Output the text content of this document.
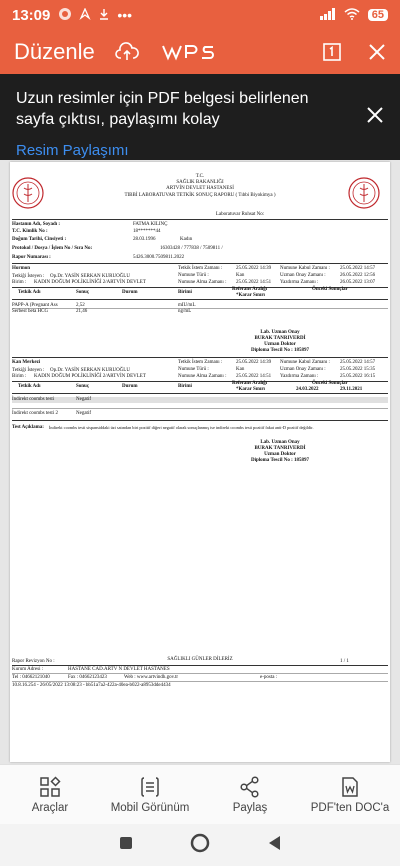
13:09	•••	65
Düzenle
Uzun resimler için PDF belgesi belirlenen sayfa çıktısı, paylaşımı kolay
Resim Paylaşımı
T.C.
SAĞLIK BAKANLIĞI
ARTVİN DEVLET HASTANESİ
TIBBİ LABORATUVAR TETKİK SONUÇ RAPORU ( Tıbbi Biyokimya )
Laboratuvar Ruhsat No:
Hastanın Adı, Soyadı :	FATMA KILINÇ
T.C. Kimlik No :	18*******44
Doğum Tarihi, Cinsiyeti :	28.03.1996	Kadın
Protokol / Dosya / İşlem No / Sıra No:	16303428 / 777838 / 7509811 /
Rapor Numarası :	5426.3000.7509811.2022
Hormon
Tetkiği İsteyen : Op.Dr. YASİN SERKAN KURUOĞLU
Birim : KADIN DOĞUM POLİKLİNİĞİ 2/ARTVİN DEVLET
Tetkik İstem Zamanı :	25.05.2022 14:39
Numune Türü :	Kan
Numune Alma Zamanı : 25.05.2022 14:51
Numune Kabul Zamanı : 25.05.2022 14:57
Uzman Onay Zamanı :	26.05.2022 12:56
Yazdırma Zamanı :	26.05.2022 13:07
Tetkik Adı	Sonuç	Durum	Birimi
Referans Aralığı
*Karar Sınırı
Önceki Sonuçlar
PAPP-A (Pregnant Ass	2,52	mIU/mL
Serbest beta HCG	21,46	ng/mL
Lab. Uzman Onay
BURAK TANRIVERDİ
Uzman Doktor
Diploma Tescil No : 185897
Kan Merkezi
Tetkiği İsteyen : Op.Dr. YASİN SERKAN KURUOĞLU
Birim : KADIN DOĞUM POLİKLİNİĞİ 2/ARTVİN DEVLET
Tetkik İstem Zamanı :	25.05.2022 14:39
Numune Türü :	Kan
Numune Alma Zamanı : 25.05.2022 14:51
Numune Kabul Zamanı : 25.05.2022 14:57
Uzman Onay Zamanı :	25.05.2022 15:35
Yazdırma Zamanı :	25.05.2022 16:15
Tetkik Adı	Sonuç	Durum	Birimi
Referans Aralığı
*Karar Sınırı
Önceki Sonuçlar
24.03.2022	29.11.2021
İndirekt coombs testi	Negatif
İndirekt coombs testi 2	Negatif
Test Açıklama: İndirekt coombs testi sispansiddaki üzi satından birt pozitif diğeri negatif olarak sonuçlanmış ise indirekt coombs testi pozitif fakat anti-D pozitif değildir.
Lab. Uzman Onay
BURAK TANRIVERDİ
Uzman Doktor
Diploma Tescil No : 185897
Rapor Revizyon No :	SAĞLIKLI GÜNLER DİLERİZ	1 / 1
Kurum Adresi :	HASTANE CAD.ARTV N DEVLET HASTANES
Tel : 04662121040	Fax : 04662123423	Web : www.artvindh.gov.tr	e-posta :
10.8.16.254 - 26/05/2022 13:08:23 - bb51a7a2-422a-40ea-b022-a8953dde4434
Araçlar	Mobil Görünüm	Paylaş	PDF'ten DOC'a
